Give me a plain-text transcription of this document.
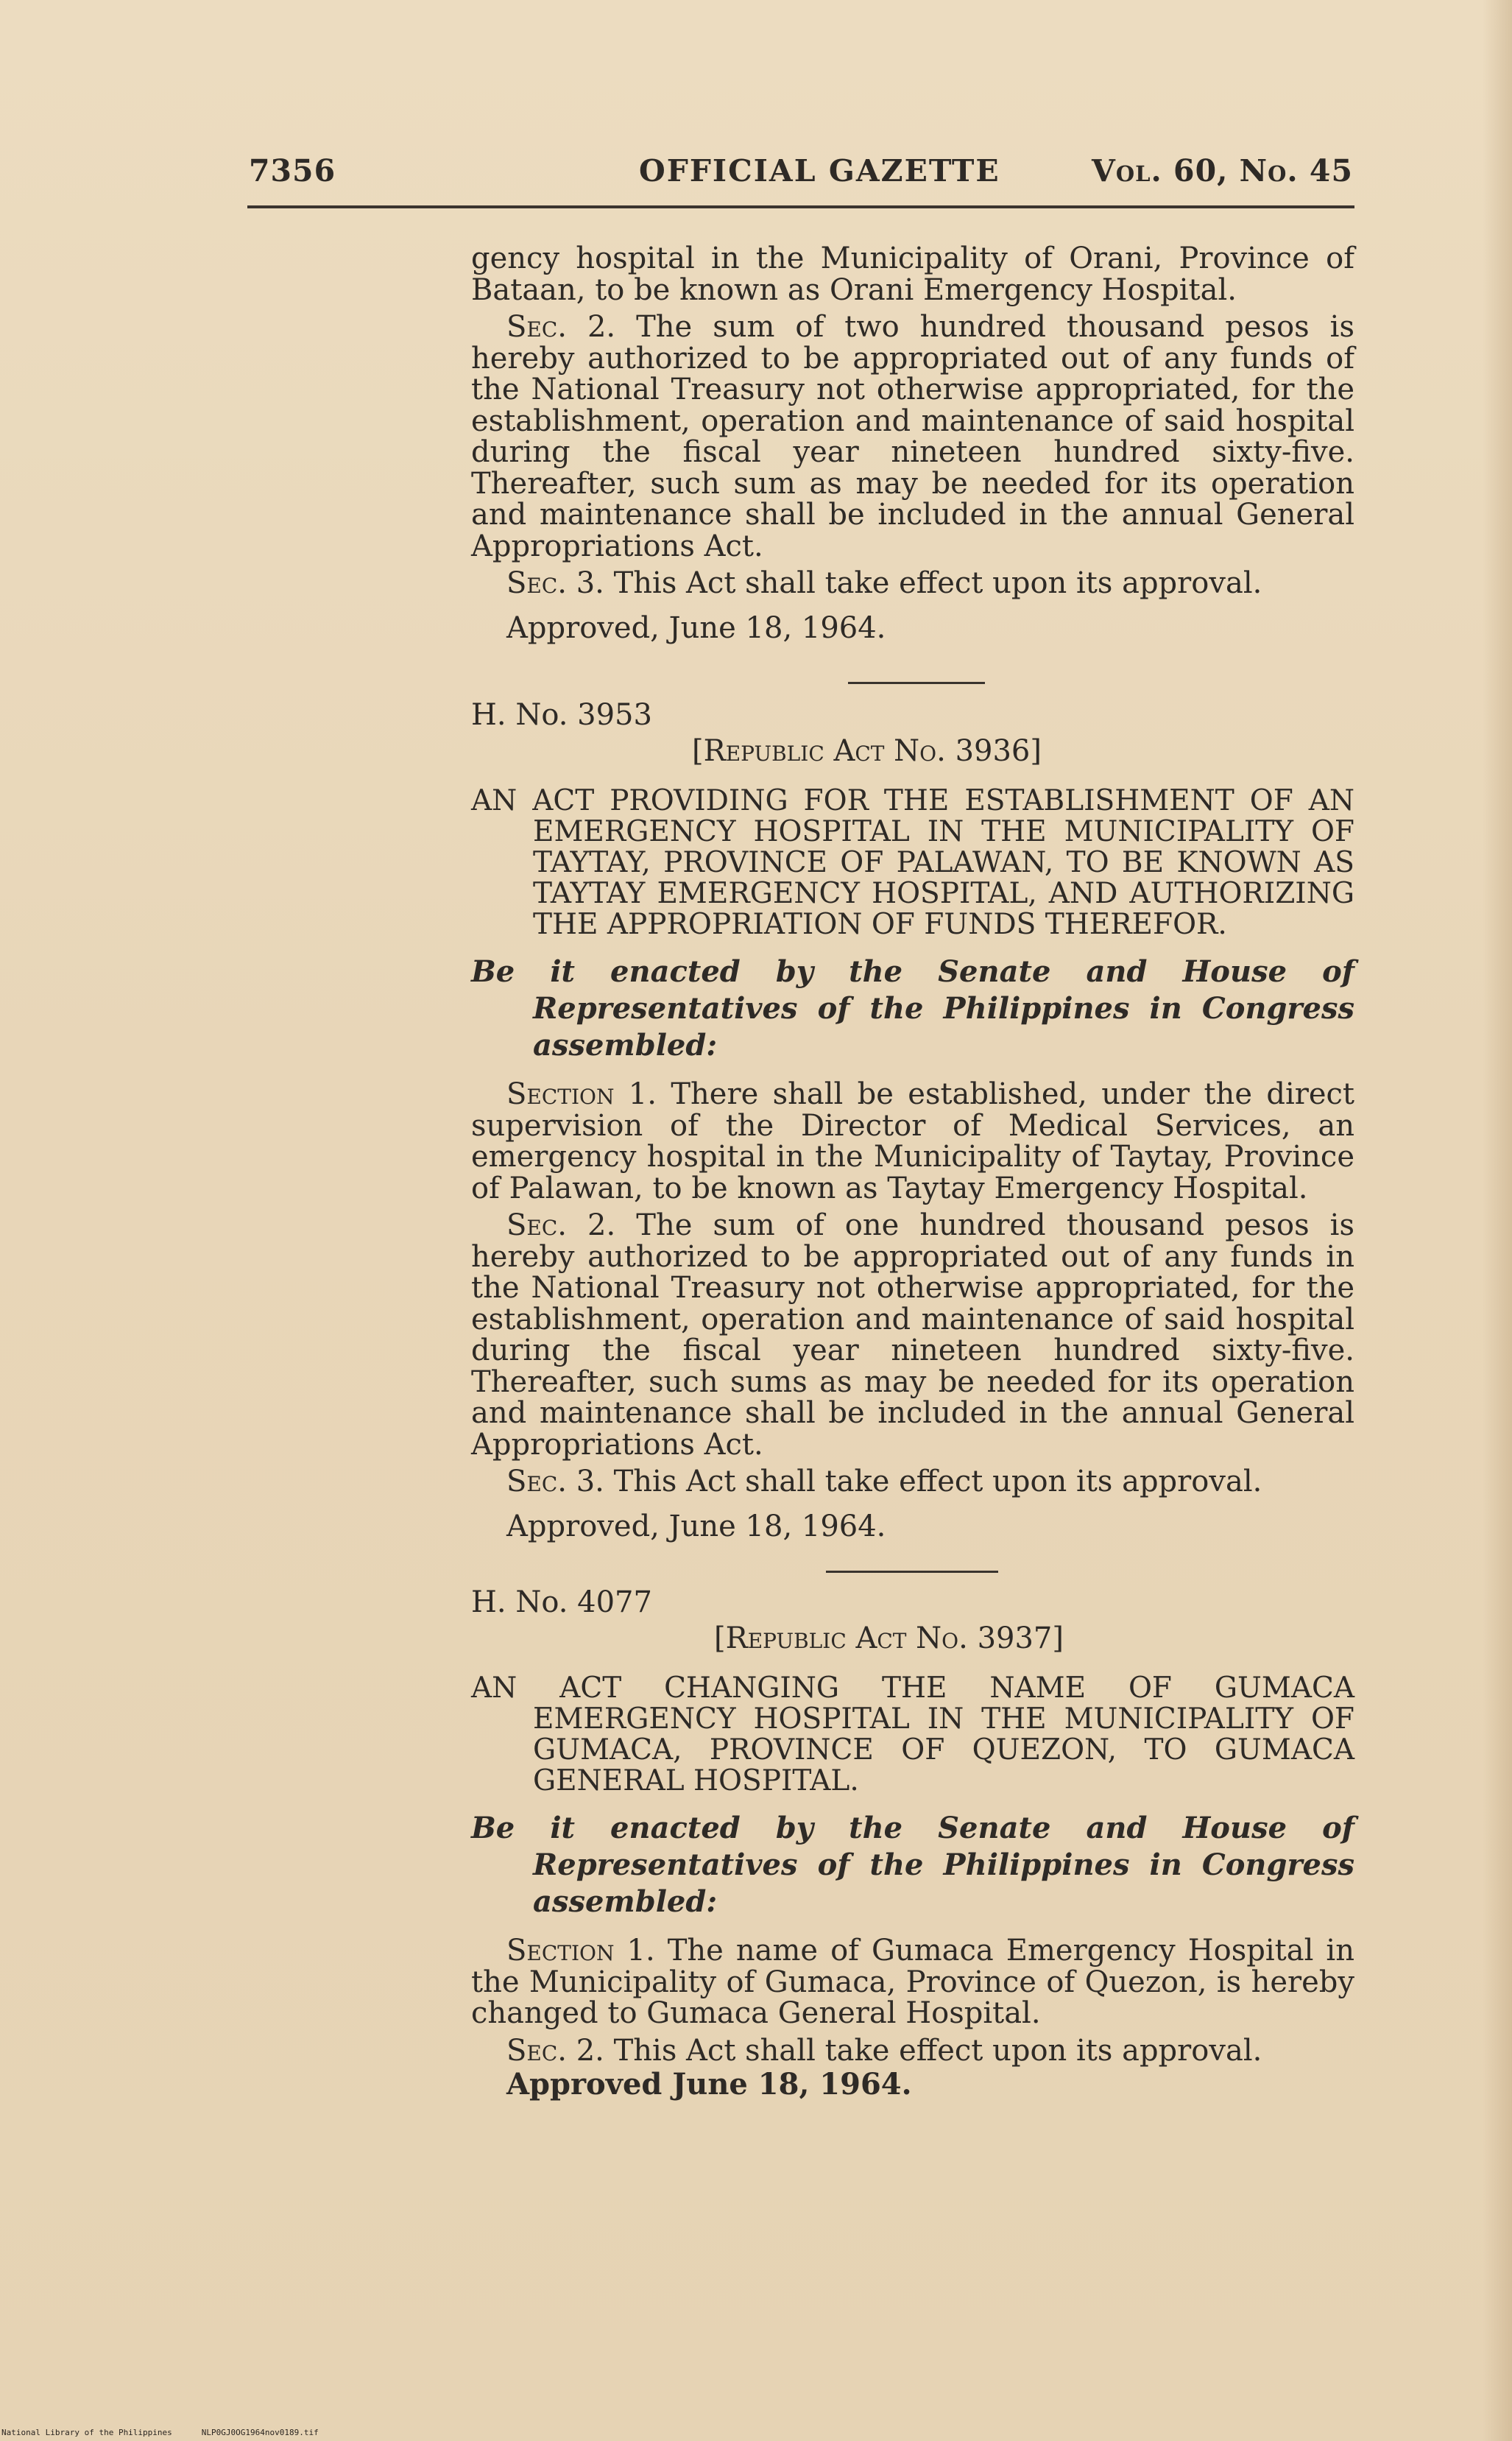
7356	OFFICIAL GAZETTE	Vol. 60, No. 45

gency hospital in the Municipality of Orani, Province of Bataan, to be known as Orani Emergency Hospital.

Sec. 2. The sum of two hundred thousand pesos is hereby authorized to be appropriated out of any funds of the National Treasury not otherwise appropriated, for the establishment, operation and maintenance of said hospital during the fiscal year nineteen hundred sixty-five. Thereafter, such sum as may be needed for its operation and maintenance shall be included in the annual General Appropriations Act.

Sec. 3. This Act shall take effect upon its approval.

Approved, June 18, 1964.

H. No. 3953

[Republic Act No. 3936]

AN ACT PROVIDING FOR THE ESTABLISHMENT OF AN EMERGENCY HOSPITAL IN THE MUNICIPALITY OF TAYTAY, PROVINCE OF PALAWAN, TO BE KNOWN AS TAYTAY EMERGENCY HOSPITAL, AND AUTHORIZING THE APPROPRIATION OF FUNDS THEREFOR.

Be it enacted by the Senate and House of Representatives of the Philippines in Congress assembled:

Section 1. There shall be established, under the direct supervision of the Director of Medical Services, an emergency hospital in the Municipality of Taytay, Province of Palawan, to be known as Taytay Emergency Hospital.

Sec. 2. The sum of one hundred thousand pesos is hereby authorized to be appropriated out of any funds in the National Treasury not otherwise appropriated, for the establishment, operation and maintenance of said hospital during the fiscal year nineteen hundred sixty-five. Thereafter, such sums as may be needed for its operation and maintenance shall be included in the annual General Appropriations Act.

Sec. 3. This Act shall take effect upon its approval.

Approved, June 18, 1964.

H. No. 4077

[Republic Act No. 3937]

AN ACT CHANGING THE NAME OF GUMACA EMERGENCY HOSPITAL IN THE MUNICIPALITY OF GUMACA, PROVINCE OF QUEZON, TO GUMACA GENERAL HOSPITAL.

Be it enacted by the Senate and House of Representatives of the Philippines in Congress assembled:

Section 1. The name of Gumaca Emergency Hospital in the Municipality of Gumaca, Province of Quezon, is hereby changed to Gumaca General Hospital.

Sec. 2. This Act shall take effect upon its approval.

Approved June 18, 1964.

National Library of the Philippines	NLP0GJ0OG1964nov0189.tif
